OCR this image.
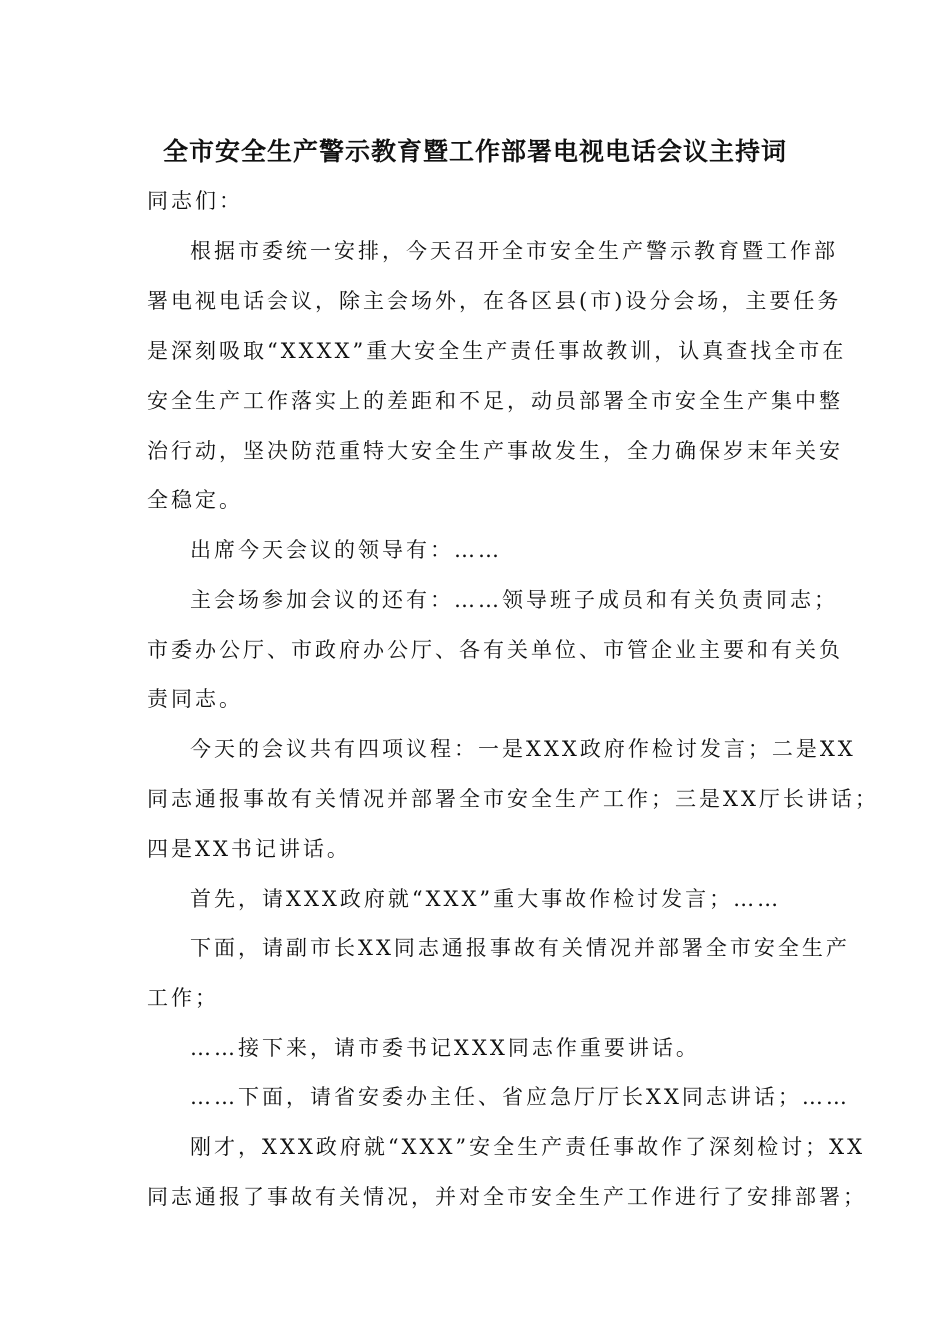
全市安全生产警示教育暨工作部署电视电话会议主持词
同志们：
根据市委统一安排，今天召开全市安全生产警示教育暨工作部
署电视电话会议，除主会场外，在各区县(市)设分会场，主要任务
是深刻吸取“XXXX”重大安全生产责任事故教训，认真查找全市在
安全生产工作落实上的差距和不足，动员部署全市安全生产集中整
治行动，坚决防范重特大安全生产事故发生，全力确保岁末年关安
全稳定。
出席今天会议的领导有：……
主会场参加会议的还有：……领导班子成员和有关负责同志；
市委办公厅、市政府办公厅、各有关单位、市管企业主要和有关负
责同志。
今天的会议共有四项议程：一是XXX政府作检讨发言；二是XX
同志通报事故有关情况并部署全市安全生产工作；三是XX厅长讲话；
四是XX书记讲话。
首先，请XXX政府就“XXX”重大事故作检讨发言；……
下面，请副市长XX同志通报事故有关情况并部署全市安全生产
工作；
……接下来，请市委书记XXX同志作重要讲话。
……下面，请省安委办主任、省应急厅厅长XX同志讲话；……
刚才，XXX政府就“XXX”安全生产责任事故作了深刻检讨；XX
同志通报了事故有关情况，并对全市安全生产工作进行了安排部署；
